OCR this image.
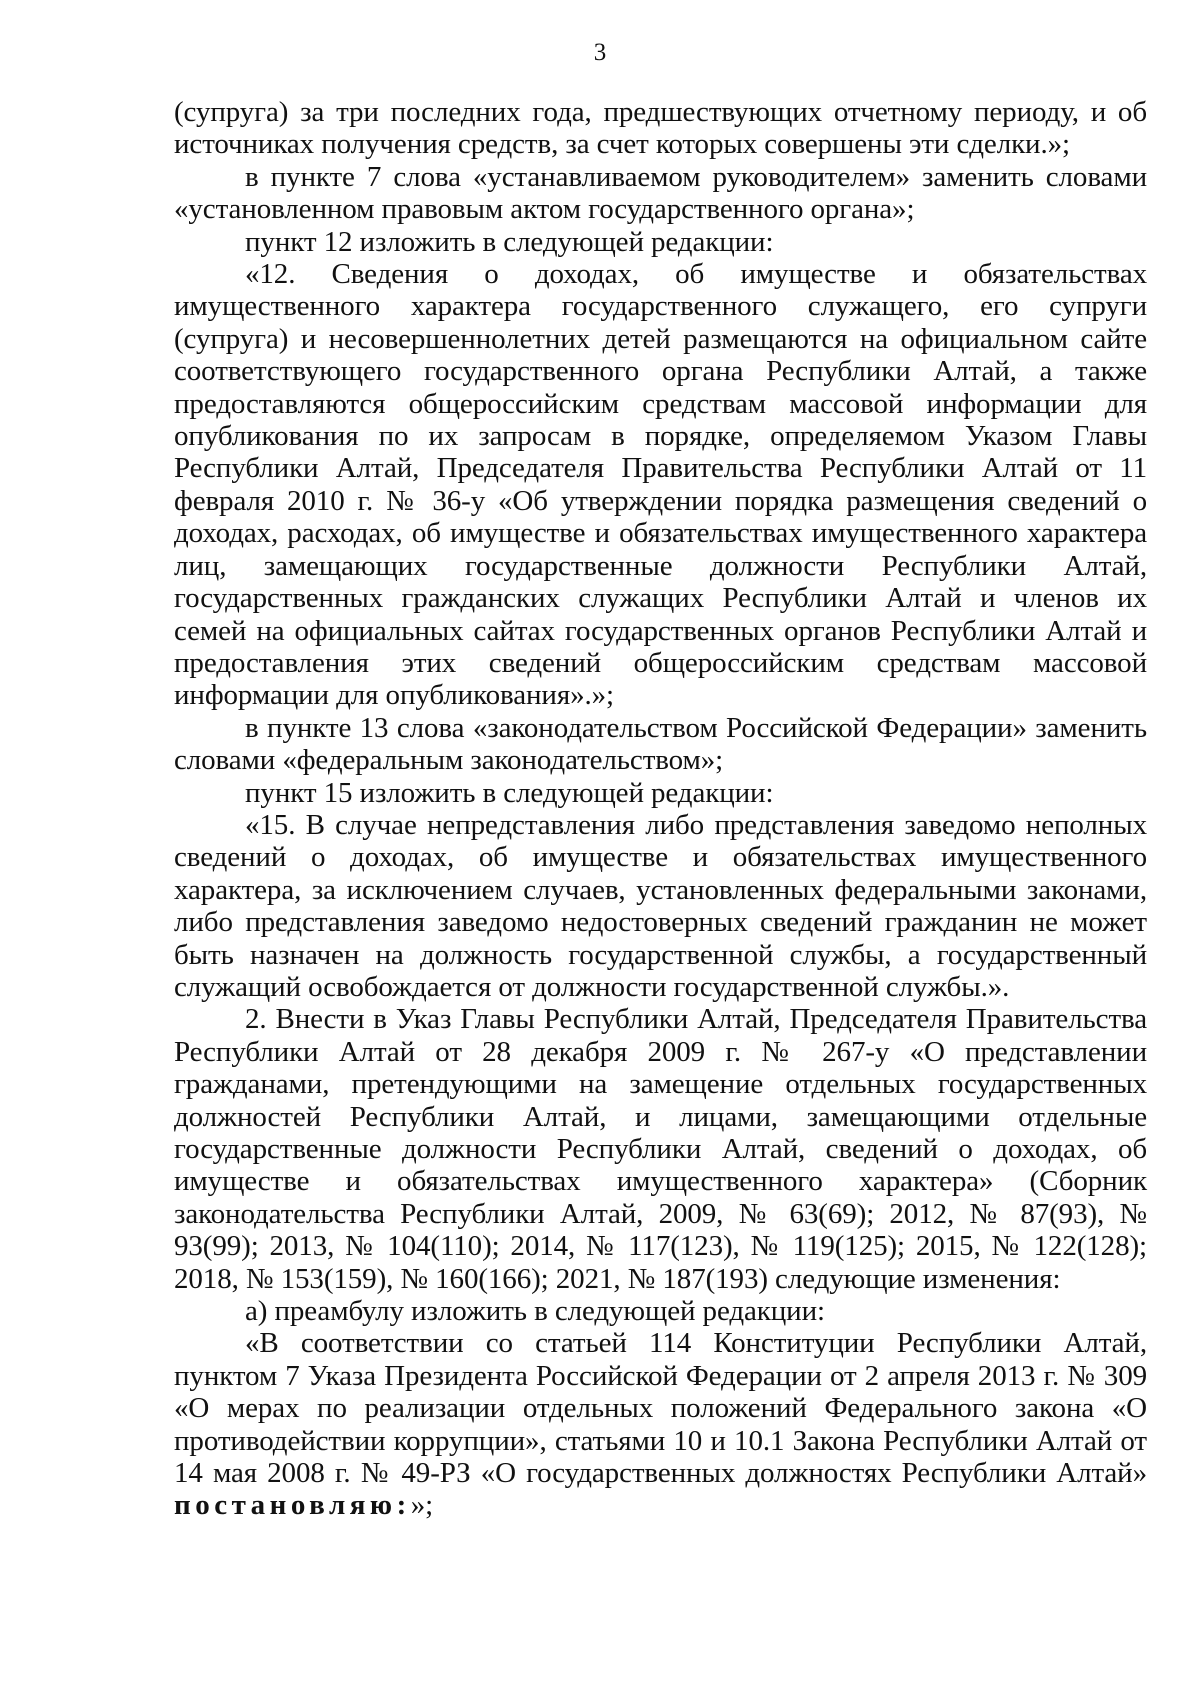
3

(супруга) за три последних года, предшествующих отчетному периоду, и об источниках получения средств, за счет которых совершены эти сделки.»;

в пункте 7 слова «устанавливаемом руководителем» заменить словами «установленном правовым актом государственного органа»;

пункт 12 изложить в следующей редакции:

«12. Сведения о доходах, об имуществе и обязательствах имущественного характера государственного служащего, его супруги (супруга) и несовершеннолетних детей размещаются на официальном сайте соответствующего государственного органа Республики Алтай, а также предоставляются общероссийским средствам массовой информации для опубликования по их запросам в порядке, определяемом Указом Главы Республики Алтай, Председателя Правительства Республики Алтай от 11 февраля 2010 г. № 36-у «Об утверждении порядка размещения сведений о доходах, расходах, об имуществе и обязательствах имущественного характера лиц, замещающих государственные должности Республики Алтай, государственных гражданских служащих Республики Алтай и членов их семей на официальных сайтах государственных органов Республики Алтай и предоставления этих сведений общероссийским средствам массовой информации для опубликования».»;

в пункте 13 слова «законодательством Российской Федерации» заменить словами «федеральным законодательством»;

пункт 15 изложить в следующей редакции:

«15. В случае непредставления либо представления заведомо неполных сведений о доходах, об имуществе и обязательствах имущественного характера, за исключением случаев, установленных федеральными законами, либо представления заведомо недостоверных сведений гражданин не может быть назначен на должность государственной службы, а государственный служащий освобождается от должности государственной службы.».

2. Внести в Указ Главы Республики Алтай, Председателя Правительства Республики Алтай от 28 декабря 2009 г. № 267-у «О представлении гражданами, претендующими на замещение отдельных государственных должностей Республики Алтай, и лицами, замещающими отдельные государственные должности Республики Алтай, сведений о доходах, об имуществе и обязательствах имущественного характера» (Сборник законодательства Республики Алтай, 2009, № 63(69); 2012, № 87(93), № 93(99); 2013, № 104(110); 2014, № 117(123), № 119(125); 2015, № 122(128); 2018, № 153(159), № 160(166); 2021, № 187(193) следующие изменения:

а) преамбулу изложить в следующей редакции:

«В соответствии со статьей 114 Конституции Республики Алтай, пунктом 7 Указа Президента Российской Федерации от 2 апреля 2013 г. № 309 «О мерах по реализации отдельных положений Федерального закона «О противодействии коррупции», статьями 10 и 10.1 Закона Республики Алтай от 14 мая 2008 г. № 49-РЗ «О государственных должностях Республики Алтай»

постановляю:»;
